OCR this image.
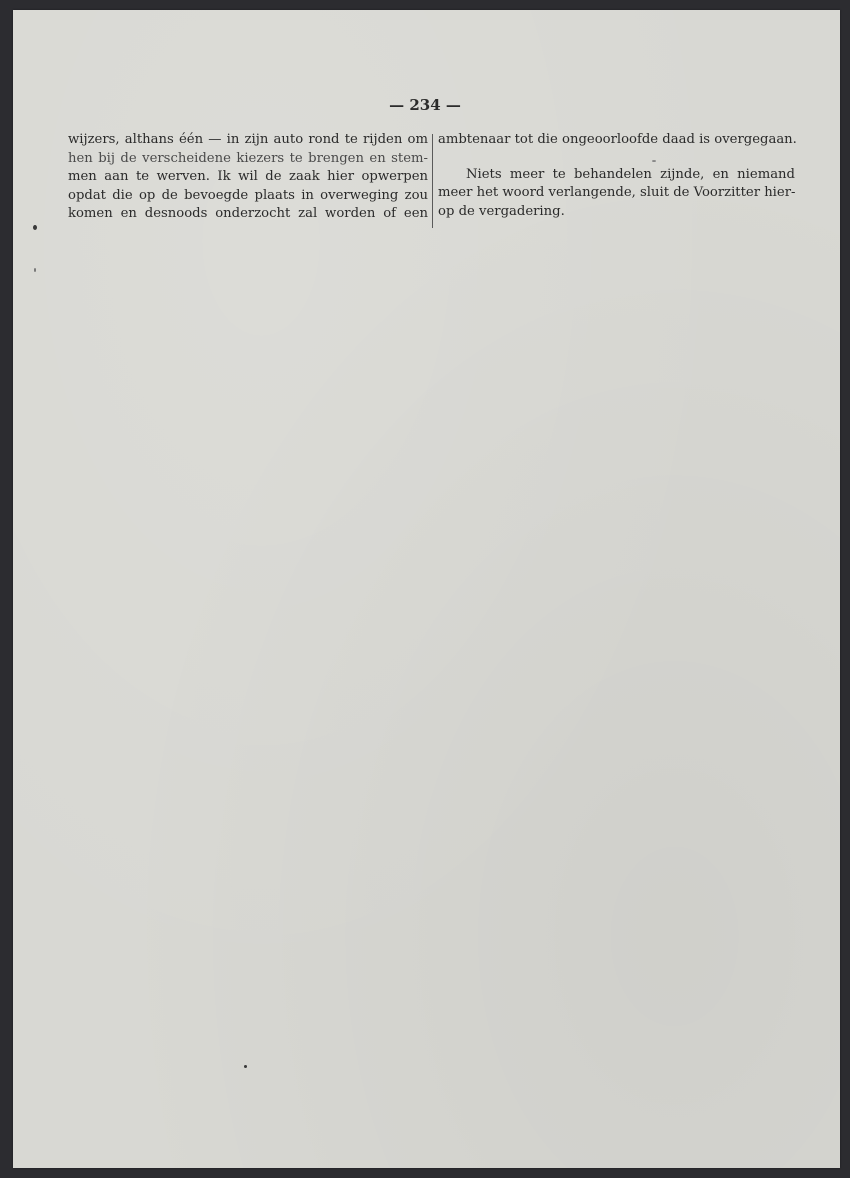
— 234 —
wijzers, althans één — in zijn auto rond te rijden om
hen bij de verscheidene kiezers te brengen en stem-
men aan te werven. Ik wil de zaak hier opwerpen
opdat die op de bevoegde plaats in overweging zou
komen en desnoods onderzocht zal worden of een
ambtenaar tot die ongeoorloofde daad is overgegaan.
Niets meer te behandelen zijnde, en niemand
meer het woord verlangende, sluit de Voorzitter hier-
op de vergadering.
